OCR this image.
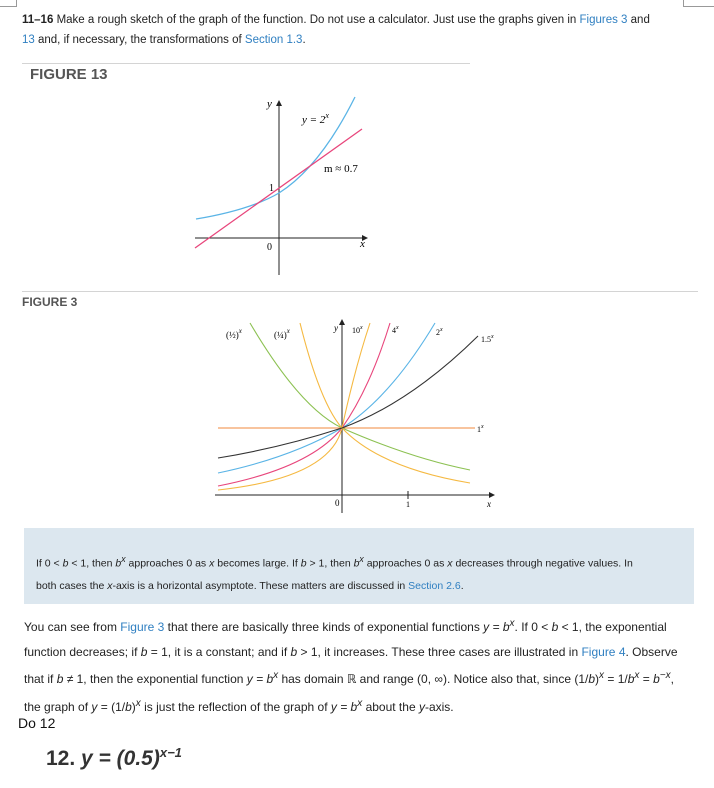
11–16 Make a rough sketch of the graph of the function. Do not use a calculator. Just use the graphs given in Figures 3 and
13 and, if necessary, the transformations of Section 1.3.
FIGURE 13
y
x
0
1
$y = 2^x$
m ≈ 0.7
FIGURE 3
(½)$^x$	(¼)$^x$	y 10$^x$	4$^x$	2$^x$
1.5$^x$
1$^x$
0	1	x
If 0 < b < 1, then $b^x$ approaches 0 as x becomes large. If b > 1, then $b^x$ approaches 0 as x decreases through negative values. In
both cases the x-axis is a horizontal asymptote. These matters are discussed in Section 2.6.
You can see from Figure 3 that there are basically three kinds of exponential functions $y = b^x$. If 0 < b < 1, the exponential
function decreases; if b = 1, it is a constant; and if b > 1, it increases. These three cases are illustrated in Figure 4. Observe
that if b ≠ 1, then the exponential function $y = b^x$ has domain ℝ and range (0, ∞). Notice also that, since $(1/b)^x = 1/b^x = b^{-x}$,
the graph of $y = (1/b)^x$ is just the reflection of the graph of $y = b^x$ about the y-axis.
Do 12
12. $y = (0.5)^{x-1}$
